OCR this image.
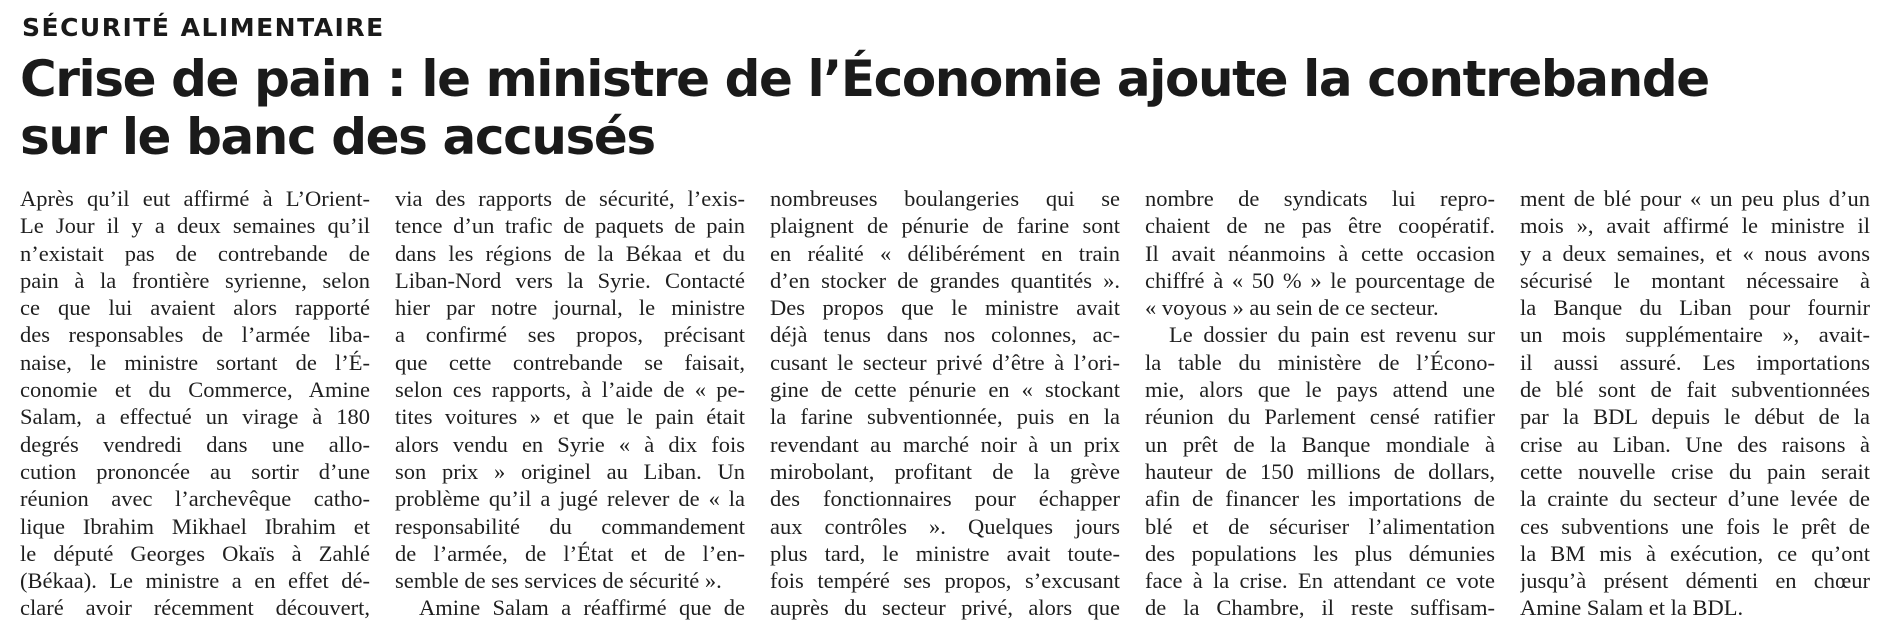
SÉCURITÉ ALIMENTAIRE
Crise de pain : le ministre de l’Économie ajoute la contrebande
sur le banc des accusés
Après qu’il eut affirmé à L’Orient-
Le Jour il y a deux semaines qu’il
n’existait pas de contrebande de
pain à la frontière syrienne, selon
ce que lui avaient alors rapporté
des responsables de l’armée liba-
naise, le ministre sortant de l’É-
conomie et du Commerce, Amine
Salam, a effectué un virage à 180
degrés vendredi dans une allo-
cution prononcée au sortir d’une
réunion avec l’archevêque catho-
lique Ibrahim Mikhael Ibrahim et
le député Georges Okaïs à Zahlé
(Békaa). Le ministre a en effet dé-
claré avoir récemment découvert,
via des rapports de sécurité, l’exis-
tence d’un trafic de paquets de pain
dans les régions de la Békaa et du
Liban-Nord vers la Syrie. Contacté
hier par notre journal, le ministre
a confirmé ses propos, précisant
que cette contrebande se faisait,
selon ces rapports, à l’aide de « pe-
tites voitures » et que le pain était
alors vendu en Syrie « à dix fois
son prix » originel au Liban. Un
problème qu’il a jugé relever de « la
responsabilité du commandement
de l’armée, de l’État et de l’en-
semble de ses services de sécurité ».
Amine Salam a réaffirmé que de
nombreuses boulangeries qui se
plaignent de pénurie de farine sont
en réalité « délibérément en train
d’en stocker de grandes quantités ».
Des propos que le ministre avait
déjà tenus dans nos colonnes, ac-
cusant le secteur privé d’être à l’ori-
gine de cette pénurie en « stockant
la farine subventionnée, puis en la
revendant au marché noir à un prix
mirobolant, profitant de la grève
des fonctionnaires pour échapper
aux contrôles ». Quelques jours
plus tard, le ministre avait toute-
fois tempéré ses propos, s’excusant
auprès du secteur privé, alors que
nombre de syndicats lui repro-
chaient de ne pas être coopératif.
Il avait néanmoins à cette occasion
chiffré à « 50 % » le pourcentage de
« voyous » au sein de ce secteur.
Le dossier du pain est revenu sur
la table du ministère de l’Écono-
mie, alors que le pays attend une
réunion du Parlement censé ratifier
un prêt de la Banque mondiale à
hauteur de 150 millions de dollars,
afin de financer les importations de
blé et de sécuriser l’alimentation
des populations les plus démunies
face à la crise. En attendant ce vote
de la Chambre, il reste suffisam-
ment de blé pour « un peu plus d’un
mois », avait affirmé le ministre il
y a deux semaines, et « nous avons
sécurisé le montant nécessaire à
la Banque du Liban pour fournir
un mois supplémentaire », avait-
il aussi assuré. Les importations
de blé sont de fait subventionnées
par la BDL depuis le début de la
crise au Liban. Une des raisons à
cette nouvelle crise du pain serait
la crainte du secteur d’une levée de
ces subventions une fois le prêt de
la BM mis à exécution, ce qu’ont
jusqu’à présent démenti en chœur
Amine Salam et la BDL.
